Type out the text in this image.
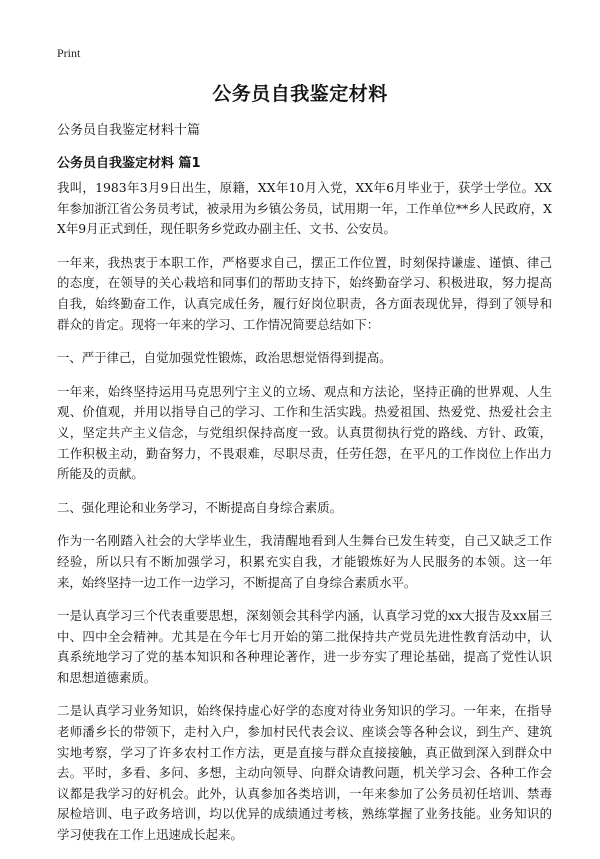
Print
公务员自我鉴定材料
公务员自我鉴定材料十篇
公务员自我鉴定材料 篇1

我叫，1983年3月9日出生，原籍，XX年10月入党，XX年6月毕业于，获学士学位。XX年参加浙江省公务员考试，被录用为乡镇公务员，试用期一年，工作单位**乡人民政府，XX年9月正式到任，现任职务乡党政办副主任、文书、公安员。

一年来，我热衷于本职工作，严格要求自己，摆正工作位置，时刻保持谦虚、谨慎、律己的态度，在领导的关心栽培和同事们的帮助支持下，始终勤奋学习、积极进取，努力提高自我，始终勤奋工作，认真完成任务，履行好岗位职责，各方面表现优异，得到了领导和群众的肯定。现将一年来的学习、工作情况简要总结如下：

一、严于律己，自觉加强党性锻炼，政治思想觉悟得到提高。

一年来，始终坚持运用马克思列宁主义的立场、观点和方法论，坚持正确的世界观、人生观、价值观，并用以指导自己的学习、工作和生活实践。热爱祖国、热爱党、热爱社会主义，坚定共产主义信念，与党组织保持高度一致。认真贯彻执行党的路线、方针、政策，工作积极主动，勤奋努力，不畏艰难，尽职尽责，任劳任怨，在平凡的工作岗位上作出力所能及的贡献。

二、强化理论和业务学习，不断提高自身综合素质。

作为一名刚踏入社会的大学毕业生，我清醒地看到人生舞台已发生转变，自己又缺乏工作经验，所以只有不断加强学习，积累充实自我，才能锻炼好为人民服务的本领。这一年来，始终坚持一边工作一边学习，不断提高了自身综合素质水平。

一是认真学习三个代表重要思想，深刻领会其科学内涵，认真学习党的xx大报告及xx届三中、四中全会精神。尤其是在今年七月开始的第二批保持共产党员先进性教育活动中，认真系统地学习了党的基本知识和各种理论著作，进一步夯实了理论基础，提高了党性认识和思想道德素质。

二是认真学习业务知识，始终保持虚心好学的态度对待业务知识的学习。一年来，在指导老师潘乡长的带领下，走村入户，参加村民代表会议、座谈会等各种会议，到生产、建筑实地考察，学习了许多农村工作方法，更是直接与群众直接接触，真正做到深入到群众中去。平时，多看、多问、多想，主动向领导、向群众请教问题，机关学习会、各种工作会议都是我学习的好机会。此外，认真参加各类培训，一年来参加了公务员初任培训、禁毒尿检培训、电子政务培训，均以优异的成绩通过考核，熟练掌握了业务技能。业务知识的学习使我在工作上迅速成长起来。
